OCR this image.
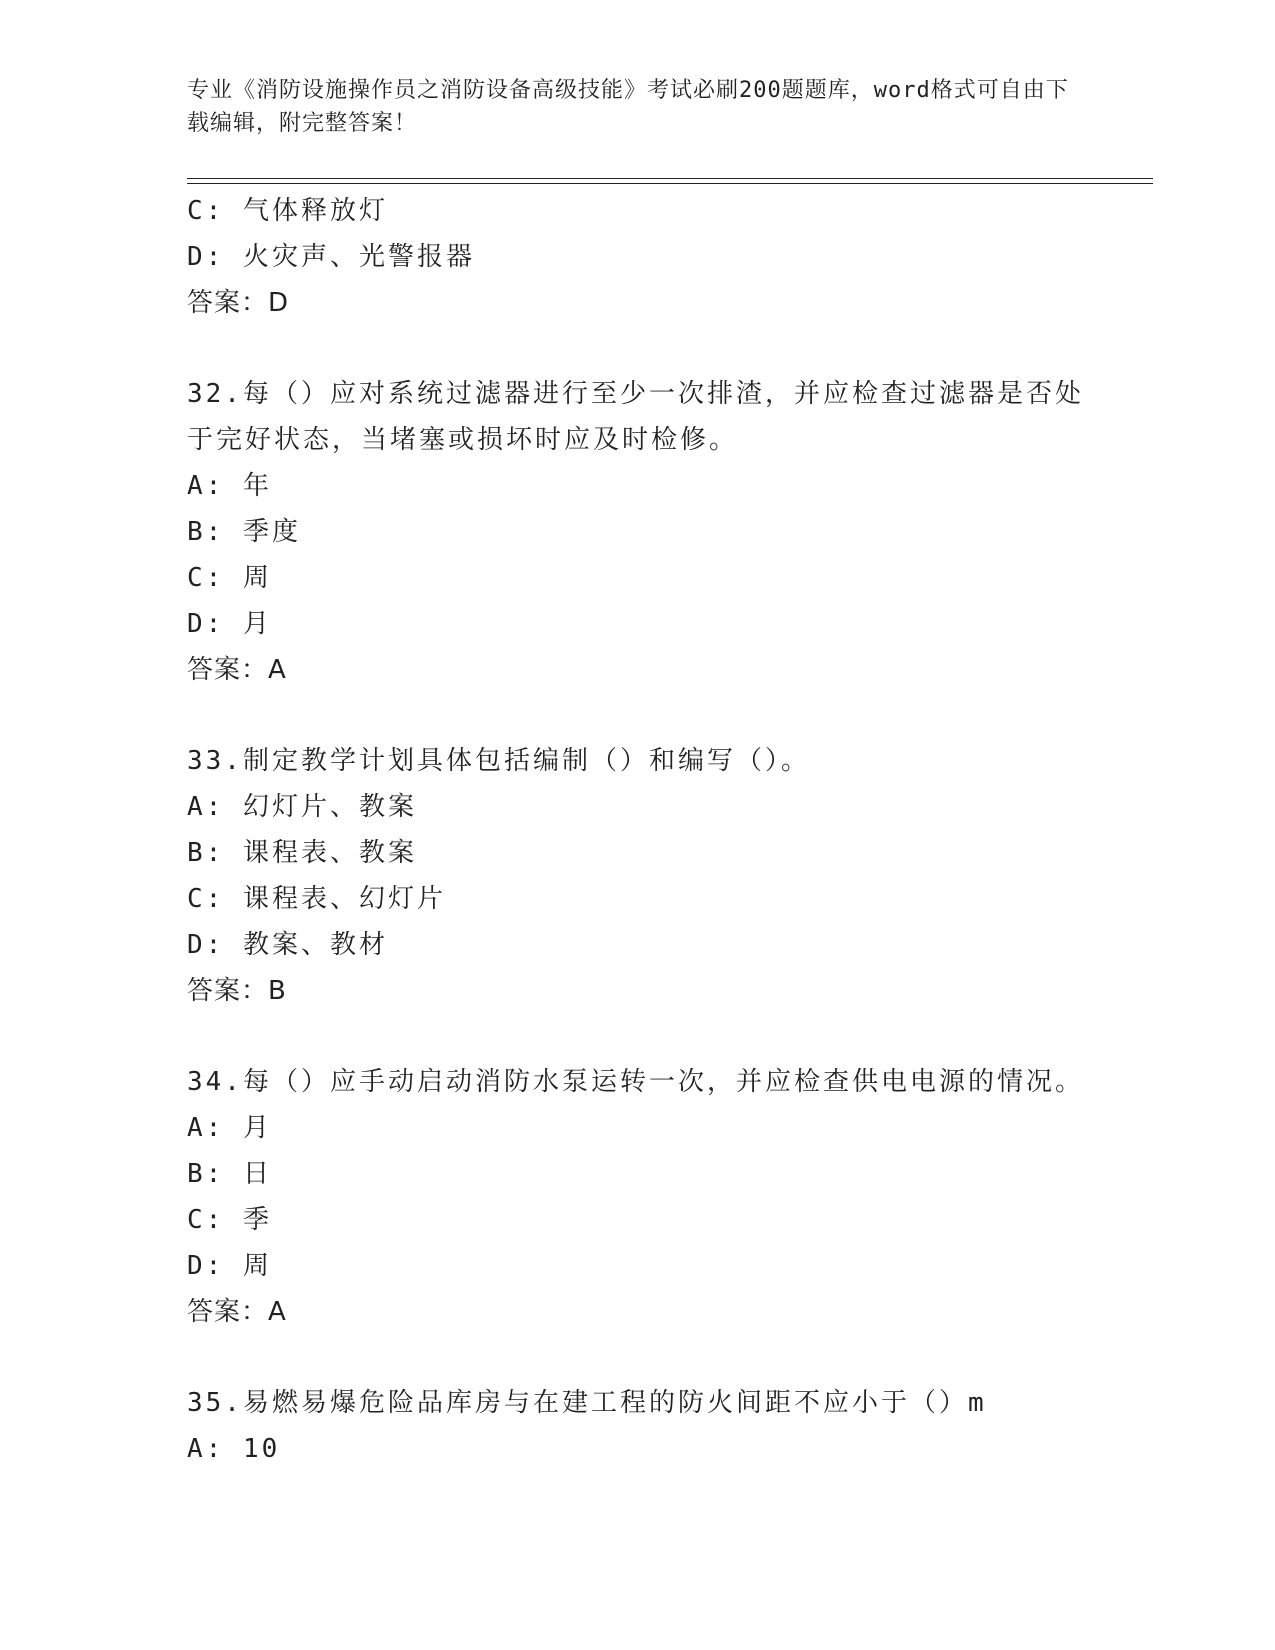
专业《消防设施操作员之消防设备高级技能》考试必刷200题题库，word格式可自由下载编辑，附完整答案！
C: 气体释放灯
D: 火灾声、光警报器
答案：D
32.每（）应对系统过滤器进行至少一次排渣，并应检查过滤器是否处
于完好状态，当堵塞或损坏时应及时检修。
A: 年
B: 季度
C: 周
D: 月
答案：A
33.制定教学计划具体包括编制（）和编写（）。
A: 幻灯片、教案
B: 课程表、教案
C: 课程表、幻灯片
D: 教案、教材
答案：B
34.每（）应手动启动消防水泵运转一次，并应检查供电电源的情况。
A: 月
B: 日
C: 季
D: 周
答案：A
35.易燃易爆危险品库房与在建工程的防火间距不应小于（）m
A: 10
